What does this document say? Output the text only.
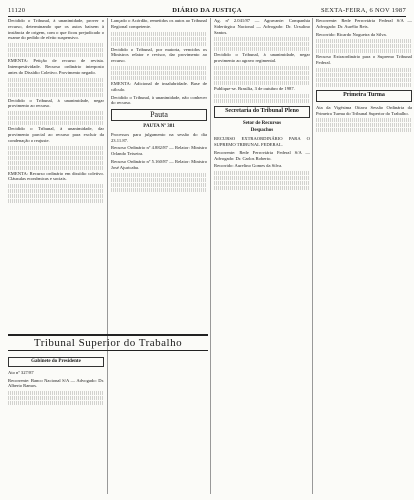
11120	DIÁRIO DA JUSTIÇA	SEXTA-FEIRA, 6 NOV 1987

Decidido o Tribunal, à unanimidade, prover o recurso, determinando que os autos baixem à instância de origem, com o que ficou prejudicado o exame do pedido de efeito suspensivo.

EMENTA: Petição de recurso de revista. Intempestividade. Recurso ordinário interposto antes do Dissídio Coletivo. Provimento negado.

Decidido o Tribunal, à unanimidade, negar provimento ao recurso.

Decidido o Tribunal, à unanimidade, dar provimento parcial ao recurso para excluir da condenação o reajuste.

EMENTA: Recurso ordinário em dissídio coletivo. Cláusulas econômicas e sociais.

Lançado o Acórdão, remetidos os autos ao Tribunal Regional competente.

Decidido o Tribunal, por maioria, vencidos os Ministros relator e revisor, dar provimento ao recurso.

EMENTA: Adicional de insalubridade. Base de cálculo.

Decidido o Tribunal, à unanimidade, não conhecer do recurso.

Pauta
PAUTA Nº 381

Processos para julgamento na sessão do dia 23.11.87.

Recurso Ordinário nº 4.882/87 — Relator: Ministro Orlando Teixeira.

Recurso Ordinário nº 5.160/87 — Relator: Ministro José Ajuricaba.

Tribunal Superior do Trabalho
Gabinete do Presidente

Ato nº 327/87

Recorrente: Banco Nacional S/A — Advogado: Dr. Alberto Ramos.

Ag. nº 2.041/87 — Agravante: Companhia Siderúrgica Nacional — Advogado: Dr. Ursulino Santos.

Decidido o Tribunal, à unanimidade, negar provimento ao agravo regimental.

Publique-se. Brasília, 3 de outubro de 1987.

Secretaria do Tribunal Pleno
Setor de Recursos
Despachos

RECURSO EXTRAORDINÁRIO PARA O SUPREMO TRIBUNAL FEDERAL.

Recorrente: Rede Ferroviária Federal S/A — Advogado: Dr. Carlos Roberto.

Recorrido: Aurelino Gomes da Silva.

Recorrente: Rede Ferroviária Federal S/A — Advogado: Dr. Aurélio Reis.

Recorrido: Ricardo Nogueira da Silva.

Recurso Extraordinário para o Supremo Tribunal Federal.

Primeira Turma

Ata da Vigésima Oitava Sessão Ordinária da Primeira Turma do Tribunal Superior do Trabalho.
